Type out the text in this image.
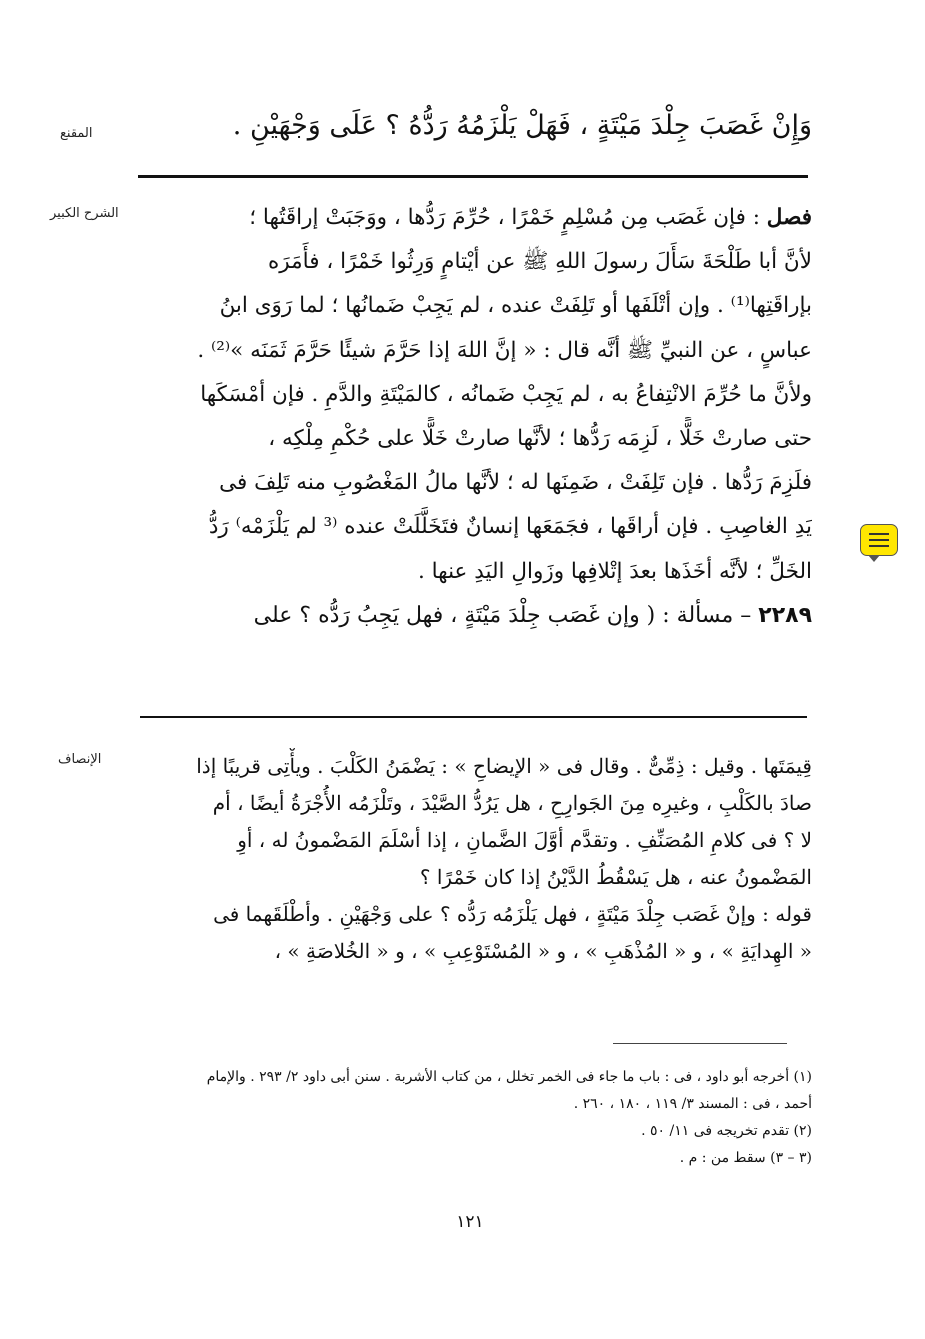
المقنع	وَإِنْ غَصَبَ جِلْدَ مَيْتَةٍ ، فَهَلْ يَلْزَمُهُ رَدُّهُ ؟ عَلَى وَجْهَيْنِ .
الشرح الكبير	فصل : فإن غَصَب مِن مُسْلِمٍ خَمْرًا ، حُرِّمَ رَدُّها ، ووَجَبَتْ إراقَتُها ؛
لأنَّ أبا طَلْحَةَ سَأَلَ رسولَ اللهِ ﷺ عن أيْتامٍ وَرِثُوا خَمْرًا ، فأَمَرَه
بإراقَتِها⁽¹⁾ . وإن أتْلَفَها أو تَلِفَتْ عنده ، لم يَجِبْ ضَمانُها ؛ لما رَوَى ابنُ
عباسٍ ، عن النبيِّ ﷺ أنَّه قال : « إنَّ اللهَ إذا حَرَّمَ شيئًا حَرَّمَ ثَمَنَه »⁽²⁾ .
ولأنَّ ما حُرِّمَ الانْتِفاعُ به ، لم يَجِبْ ضَمانُه ، كالمَيْتَةِ والدَّمِ . فإن أمْسَكَها
حتى صارتْ خَلًّا ، لَزِمَه رَدُّها ؛ لأنَّها صارتْ خَلًّا على حُكْمِ مِلْكِه ،
فلَزِمَ رَدُّها . فإن تَلِفَتْ ، ضَمِنَها له ؛ لأنَّها مالُ المَغْصُوبِ منه تَلِفَ فى
يَدِ الغاصِبِ . فإن أراقَها ، فجَمَعَها إنسانٌ فتَخَلَّلَتْ عنده ⁽³ لم يَلْزَمْه⁾ رَدُّ
الخَلِّ ؛ لأنَّه أخَذَها بعدَ إتْلافِها وزَوالِ اليَدِ عنها .
٢٢٨٩ – مسألة : ( وإن غَصَب جِلْدَ مَيْتَةٍ ، فهل يَجِبُ رَدُّه ؟ على
الإنصاف	قِيمَتَها . وقيل : ذِمِّىٌّ . وقال فى « الإيضاحِ » : يَضْمَنُ الكَلْبَ . ويأْتِى قريبًا إذا
صادَ بالكَلْبِ ، وغيرِه مِنَ الجَوارِحِ ، هل يَرُدُّ الصَّيْدَ ، وتَلْزَمُه الأُجْرَةُ أيضًا ، أم
لا ؟ فى كلامِ المُصَنِّفِ . وتقدَّم أوَّلَ الضَّمانِ ، إذا أسْلَمَ المَضْمونُ له ، أوِ
المَضْمونُ عنه ، هل يَسْقُطُ الدَّيْنُ إذا كان خَمْرًا ؟
قوله : وإنْ غَصَب جِلْدَ مَيْتَةٍ ، فهل يَلْزَمُه رَدُّه ؟ على وَجْهَيْنِ . وأطْلَقَهما فى
« الهِدايَةِ » ، و « المُذْهَبِ » ، و « المُسْتَوْعِبِ » ، و « الخُلاصَةِ » ،
(١) أخرجه أبو داود ، فى : باب ما جاء فى الخمر تخلل ، من كتاب الأشربة . سنن أبى داود ٢/ ٢٩٣ . والإمام
أحمد ، فى : المسند ٣/ ١١٩ ، ١٨٠ ، ٢٦٠ .
(٢) تقدم تخريجه فى ١١/ ٥٠ .
(٣ – ٣) سقط من : م .
١٢١
